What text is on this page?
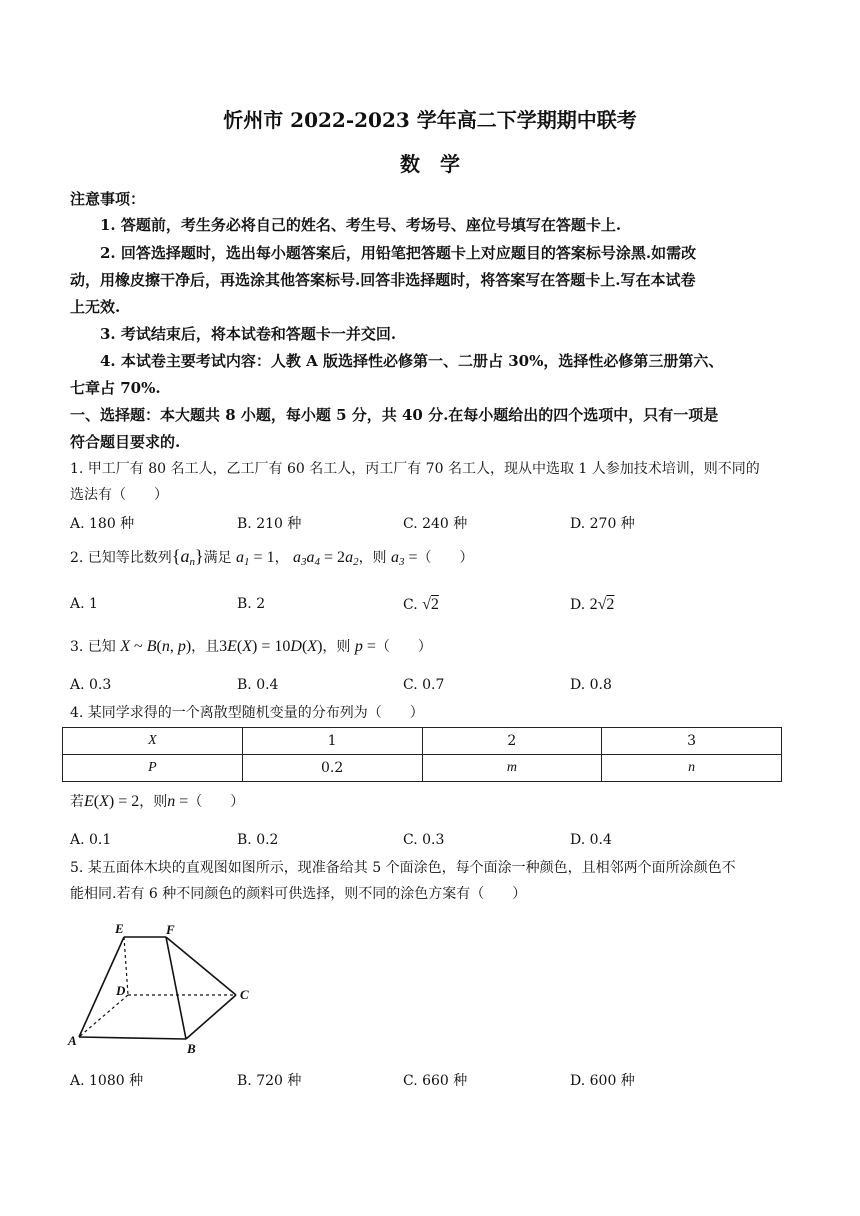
忻州市 2022-2023 学年高二下学期期中联考
数学
注意事项：
1. 答题前，考生务必将自己的姓名、考生号、考场号、座位号填写在答题卡上.
2. 回答选择题时，选出每小题答案后，用铅笔把答题卡上对应题目的答案标号涂黑.如需改
动，用橡皮擦干净后，再选涂其他答案标号.回答非选择题时，将答案写在答题卡上.写在本试卷
上无效.
3. 考试结束后，将本试卷和答题卡一并交回.
4. 本试卷主要考试内容：人教 A 版选择性必修第一、二册占 30%，选择性必修第三册第六、
七章占 70%.
一、选择题：本大题共 8 小题，每小题 5 分，共 40 分.在每小题给出的四个选项中，只有一项是
符合题目要求的.
1. 甲工厂有 80 名工人，乙工厂有 60 名工人，丙工厂有 70 名工人，现从中选取 1 人参加技术培训，则不同的
选法有（　　）
A. 180 种	B. 210 种	C. 240 种	D. 270 种
2. 已知等比数列$\{a_n\}$满足 $a_1 = 1$， $a_3a_4 = 2a_2$，则 $a_3$ =（　　）
A. 1	B. 2	C. √2	D. 2√2
3. 已知 X ~ B(n, p)，且3E(X) = 10D(X)，则 p =（　　）
A. 0.3	B. 0.4	C. 0.7	D. 0.8
4. 某同学求得的一个离散型随机变量的分布列为（　　）
X	1	2	3
P	0.2	m	n
若E(X) = 2，则n =（　　）
A. 0.1	B. 0.2	C. 0.3	D. 0.4
5. 某五面体木块的直观图如图所示，现准备给其 5 个面涂色，每个面涂一种颜色，且相邻两个面所涂颜色不
能相同.若有 6 种不同颜色的颜料可供选择，则不同的涂色方案有（　　）
E	F
D	C
A
B
A. 1080 种	B. 720 种	C. 660 种	D. 600 种
